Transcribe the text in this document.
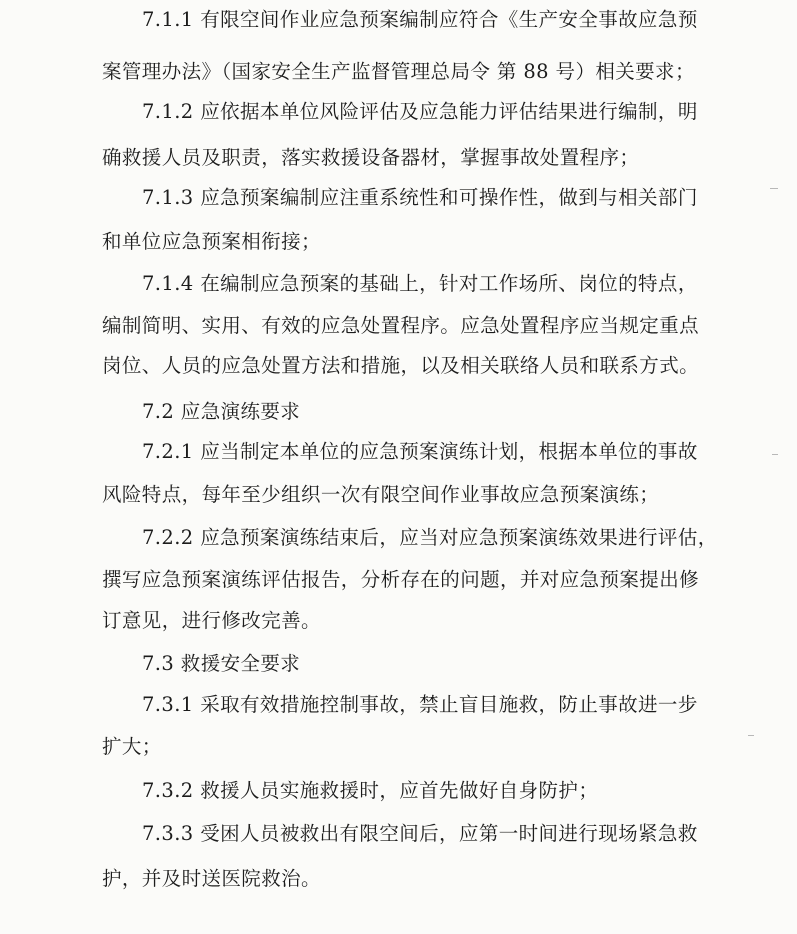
7.1.1 有限空间作业应急预案编制应符合《生产安全事故应急预
案管理办法》（国家安全生产监督管理总局令 第 88 号）相关要求；
7.1.2 应依据本单位风险评估及应急能力评估结果进行编制，明
确救援人员及职责，落实救援设备器材，掌握事故处置程序；
7.1.3 应急预案编制应注重系统性和可操作性，做到与相关部门
和单位应急预案相衔接；
7.1.4 在编制应急预案的基础上，针对工作场所、岗位的特点，
编制简明、实用、有效的应急处置程序。应急处置程序应当规定重点
岗位、人员的应急处置方法和措施，以及相关联络人员和联系方式。
7.2 应急演练要求
7.2.1 应当制定本单位的应急预案演练计划，根据本单位的事故
风险特点，每年至少组织一次有限空间作业事故应急预案演练；
7.2.2 应急预案演练结束后，应当对应急预案演练效果进行评估，
撰写应急预案演练评估报告，分析存在的问题，并对应急预案提出修
订意见，进行修改完善。
7.3 救援安全要求
7.3.1 采取有效措施控制事故，禁止盲目施救，防止事故进一步
扩大；
7.3.2 救援人员实施救援时，应首先做好自身防护；
7.3.3 受困人员被救出有限空间后，应第一时间进行现场紧急救
护，并及时送医院救治。
